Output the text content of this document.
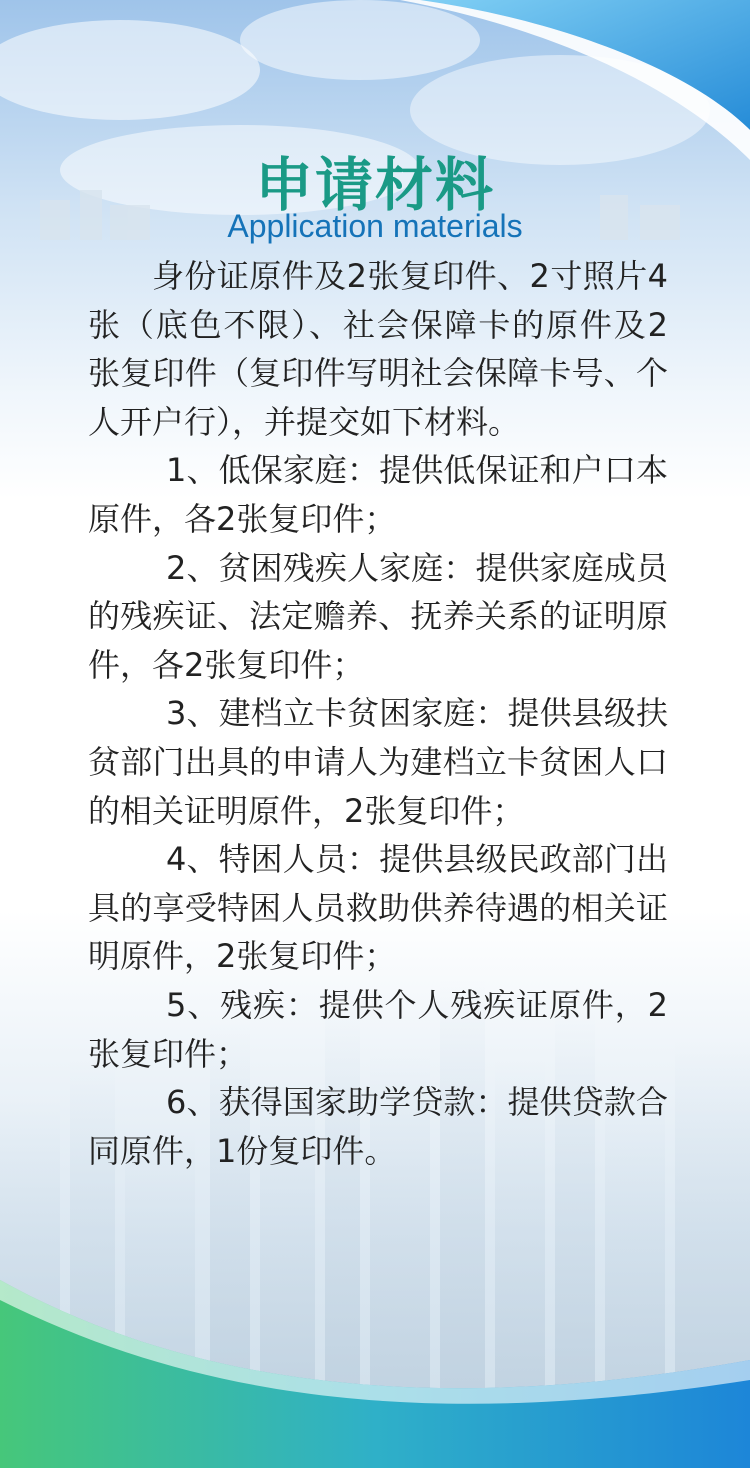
申请材料
Application materials

身份证原件及2张复印件、2寸照片4张（底色不限）、社会保障卡的原件及2张复印件（复印件写明社会保障卡号、个人开户行），并提交如下材料。

1、低保家庭：提供低保证和户口本原件，各2张复印件；

2、贫困残疾人家庭：提供家庭成员的残疾证、法定赡养、抚养关系的证明原件，各2张复印件；

3、建档立卡贫困家庭：提供县级扶贫部门出具的申请人为建档立卡贫困人口的相关证明原件，2张复印件；

4、特困人员：提供县级民政部门出具的享受特困人员救助供养待遇的相关证明原件，2张复印件；

5、残疾：提供个人残疾证原件，2张复印件；

6、获得国家助学贷款：提供贷款合同原件，1份复印件。
